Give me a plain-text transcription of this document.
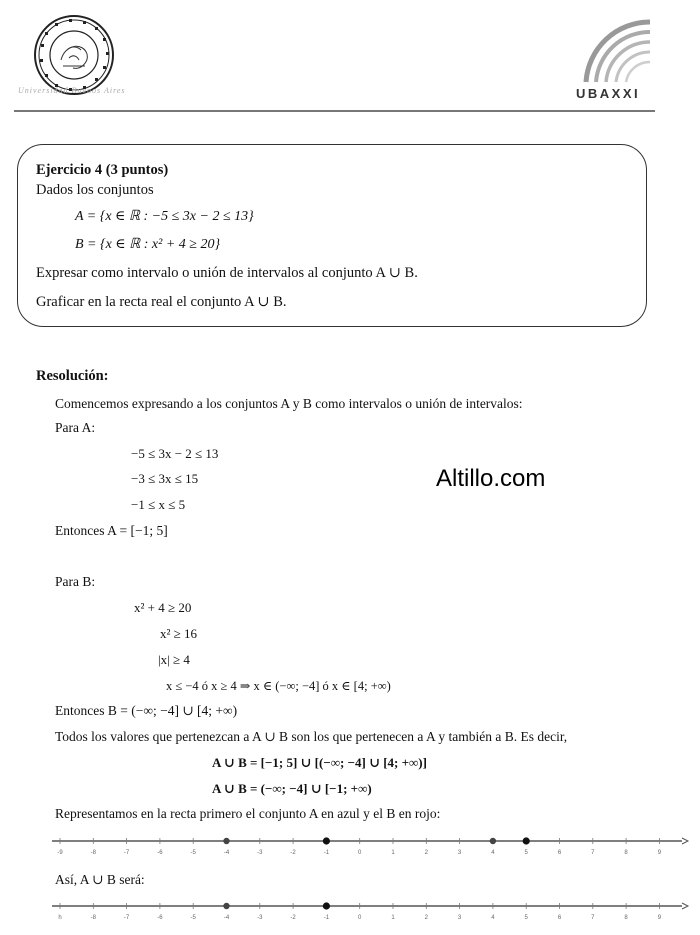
Universidad Buenos Aires	UBAXXI
Ejercicio 4 (3 puntos)
Dados los conjuntos
A = {x ∈ ℝ : −5 ≤ 3x − 2 ≤ 13}
B = {x ∈ ℝ : x² + 4 ≥ 20}
Expresar como intervalo o unión de intervalos al conjunto A ∪ B.
Graficar en la recta real el conjunto A ∪ B.
Resolución:
Comencemos expresando a los conjuntos A y B como intervalos o unión de intervalos:
Para A:
−5 ≤ 3x − 2 ≤ 13
−3 ≤ 3x ≤ 15
−1 ≤ x ≤ 5
Entonces A = [−1; 5]
Altillo.com
Para B:
x² + 4 ≥ 20
x² ≥ 16
|x| ≥ 4
x ≤ −4 ó x ≥ 4 ⇒ x ∈ (−∞; −4] ó x ∈ [4; +∞)
Entonces B = (−∞; −4] ∪ [4; +∞)
Todos los valores que pertenezcan a A ∪ B son los que pertenecen a A y también a B. Es decir,
A ∪ B = [−1; 5] ∪ [(−∞; −4] ∪ [4; +∞)]
A ∪ B = (−∞; −4] ∪ [−1; +∞)
Representamos en la recta primero el conjunto A en azul y el B en rojo:
-9	-8	-7	-6	-5	-4	-3	-2	-1	0	1	2	3	4	5	6	7	8	9
Así, A ∪ B será:
h	-8	-7	-6	-5	-4	-3	-2	-1	0	1	2	3	4	5	6	7	8	9
